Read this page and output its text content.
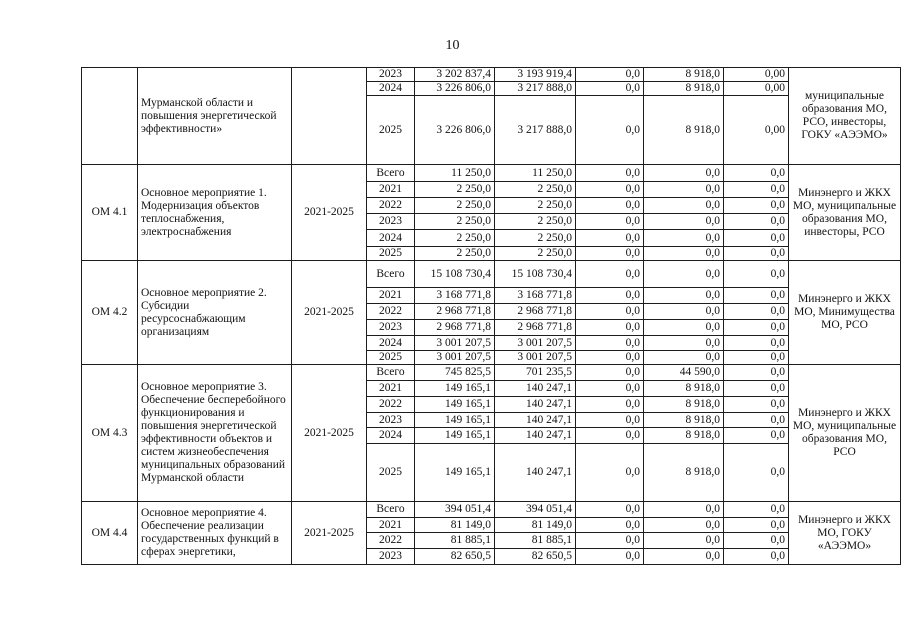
10
	Мурманской области и повышения энергетической эффективности»		2023	3 202 837,4	3 193 919,4	0,0	8 918,0	0,00	муниципальные образования МО, РСО, инвесторы, ГОКУ «АЭЭМО»
			2024	3 226 806,0	3 217 888,0	0,0	8 918,0	0,00	
			2025	3 226 806,0	3 217 888,0	0,0	8 918,0	0,00	
ОМ 4.1	Основное мероприятие 1. Модернизация объектов теплоснабжения, электроснабжения	2021-2025	Всего	11 250,0	11 250,0	0,0	0,0	0,0	Минэнерго и ЖКХ МО, муниципальные образования МО, инвесторы, РСО
			2021	2 250,0	2 250,0	0,0	0,0	0,0	
			2022	2 250,0	2 250,0	0,0	0,0	0,0	
			2023	2 250,0	2 250,0	0,0	0,0	0,0	
			2024	2 250,0	2 250,0	0,0	0,0	0,0	
			2025	2 250,0	2 250,0	0,0	0,0	0,0	
ОМ 4.2	Основное мероприятие 2. Субсидии ресурсоснабжающим организациям	2021-2025	Всего	15 108 730,4	15 108 730,4	0,0	0,0	0,0	Минэнерго и ЖКХ МО, Минимущества МО, РСО
			2021	3 168 771,8	3 168 771,8	0,0	0,0	0,0	
			2022	2 968 771,8	2 968 771,8	0,0	0,0	0,0	
			2023	2 968 771,8	2 968 771,8	0,0	0,0	0,0	
			2024	3 001 207,5	3 001 207,5	0,0	0,0	0,0	
			2025	3 001 207,5	3 001 207,5	0,0	0,0	0,0	
ОМ 4.3	Основное мероприятие 3. Обеспечение бесперебойного функционирования и повышения энергетической эффективности объектов и систем жизнеобеспечения муниципальных образований Мурманской области	2021-2025	Всего	745 825,5	701 235,5	0,0	44 590,0	0,0	Минэнерго и ЖКХ МО, муниципальные образования МО, РСО
			2021	149 165,1	140 247,1	0,0	8 918,0	0,0	
			2022	149 165,1	140 247,1	0,0	8 918,0	0,0	
			2023	149 165,1	140 247,1	0,0	8 918,0	0,0	
			2024	149 165,1	140 247,1	0,0	8 918,0	0,0	
			2025	149 165,1	140 247,1	0,0	8 918,0	0,0	
ОМ 4.4	Основное мероприятие 4. Обеспечение реализации государственных функций в сферах энергетики,	2021-2025	Всего	394 051,4	394 051,4	0,0	0,0	0,0	Минэнерго и ЖКХ МО, ГОКУ «АЭЭМО»
			2021	81 149,0	81 149,0	0,0	0,0	0,0	
			2022	81 885,1	81 885,1	0,0	0,0	0,0	
			2023	82 650,5	82 650,5	0,0	0,0	0,0	
